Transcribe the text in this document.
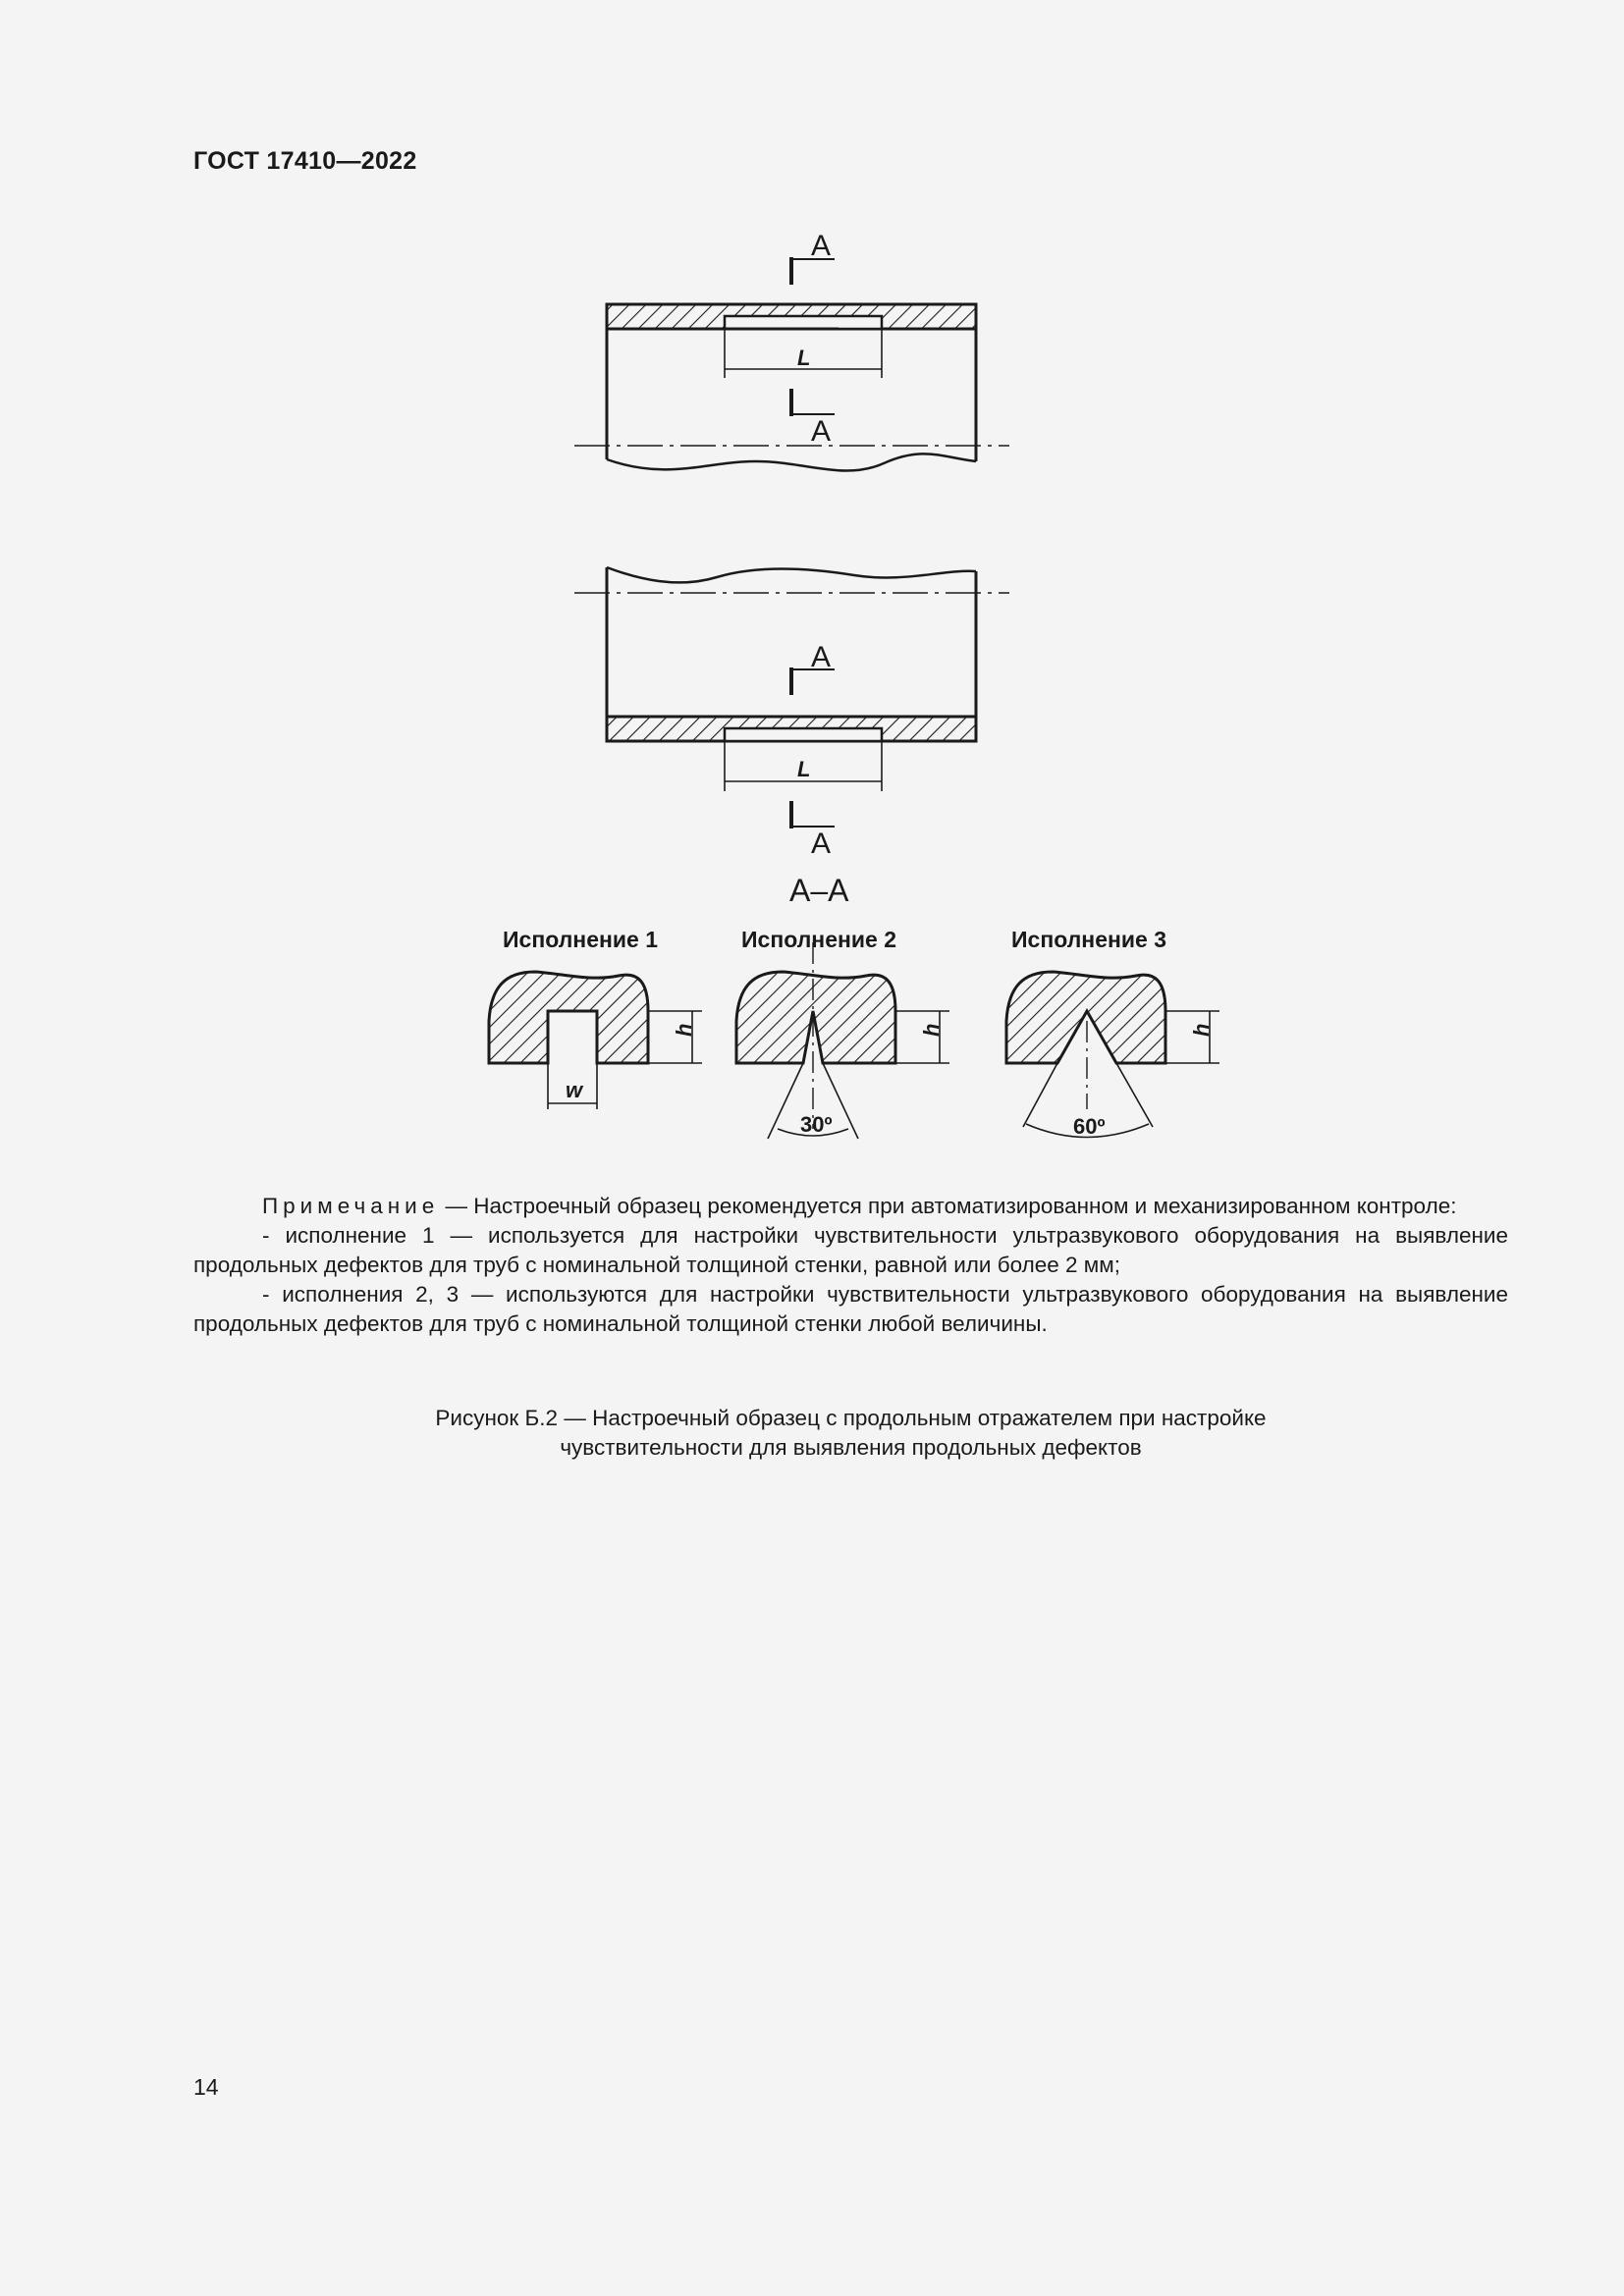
ГОСТ 17410—2022
A
A
L
A
A
L
А–А
Исполнение 1
h
w
Исполнение 2
h
30º
Исполнение 3
h
60º

Примечание — Настроечный образец рекомендуется при автоматизированном и механизированном контроле:

- исполнение 1 — используется для настройки чувствительности ультразвукового оборудования на выявление продольных дефектов для труб с номинальной толщиной стенки, равной или более 2 мм;

- исполнения 2, 3 — используются для настройки чувствительности ультразвукового оборудования на выявление продольных дефектов для труб с номинальной толщиной стенки любой величины.

Рисунок Б.2 — Настроечный образец с продольным отражателем при настройке
чувствительности для выявления продольных дефектов
14
